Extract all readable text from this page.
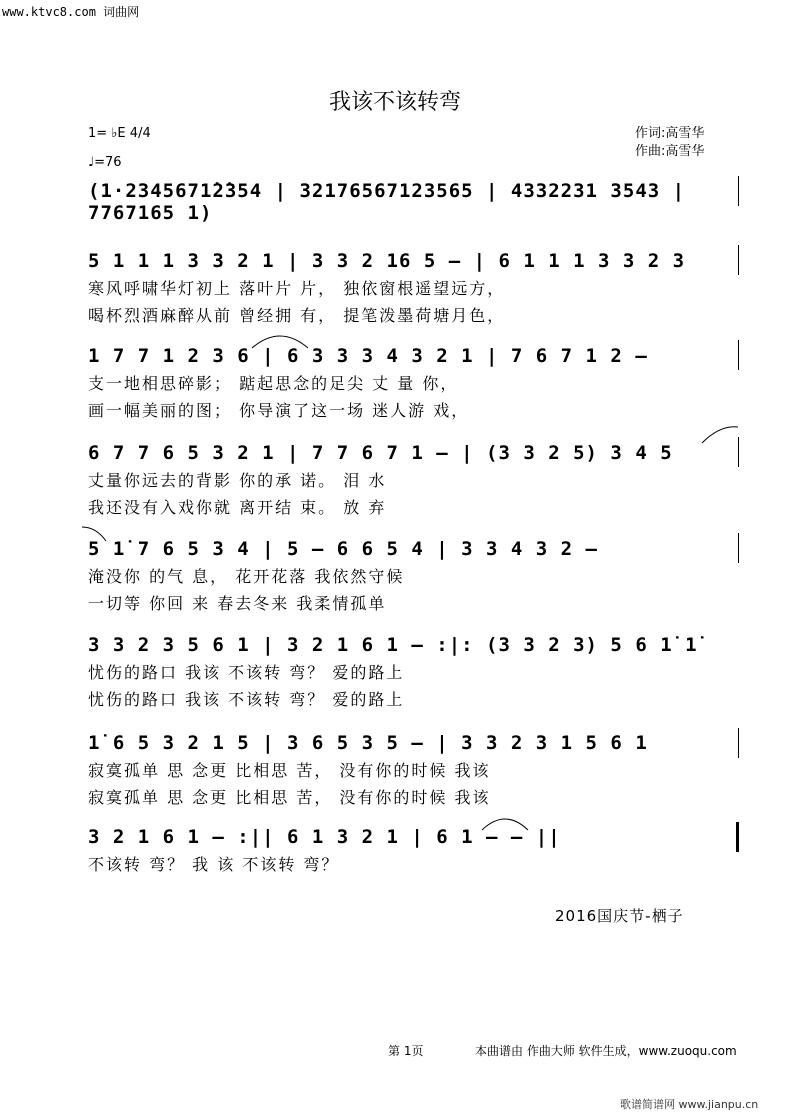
www.ktvc8.com 词曲网
我该不该转弯
1= ♭E 4/4
♩=76
作词:高雪华
作曲:高雪华
(1·2345671̇2̇354 | 32176567123565 | 4332231 3543 | 7767165 1)
5 1 1 1 3 3 2 1 | 3 3 2 16 5 – | 6 1 1 1 3 3 2 3
寒风呼啸华灯初上 落叶片 片， 独依窗根遥望远方，
喝杯烈酒麻醉从前 曾经拥 有， 提笔泼墨荷塘月色，
1 7 7 1 2 3 6 | 6 3 3 3 4 3 2 1 | 7 6 7 1 2 –
支一地相思碎影； 踮起思念的足尖 丈 量 你，
画一幅美丽的图； 你导演了这一场 迷人游 戏，
6 7 7 6 5 3 2 1 | 7 7 6 7 1 – | (3 3 2 5) 3 4 5
丈量你远去的背影 你的承 诺。 泪 水
我还没有入戏你就 离开结 束。 放 弃
5 1̇ 7 6 5 3 4 | 5 – 6 6 5 4 | 3 3 4 3 2 –
淹没你 的气 息， 花开花落 我依然守候
一切等 你回 来 春去冬来 我柔情孤单
3 3 2 3 5 6 1 | 3 2 1 6 1 – :|: (3 3 2 3) 5 6 1̇ 1̇
忧伤的路口 我该 不该转 弯？ 爱的路上
忧伤的路口 我该 不该转 弯？ 爱的路上
1̇ 6 5 3 2 1 5 | 3 6 5 3 5 – | 3 3 2 3 1 5 6 1
寂寞孤单 思 念更 比相思 苦， 没有你的时候 我该
寂寞孤单 思 念更 比相思 苦， 没有你的时候 我该
3 2 1 6 1 – :|| 6 1 3 2 1 | 6 1 – – ||
不该转 弯？ 我 该 不该转 弯？
2016国庆节-栖子
第 1页	本曲谱由 作曲大师 软件生成，www.zuoqu.com
歌谱简谱网 www.jianpu.cn
